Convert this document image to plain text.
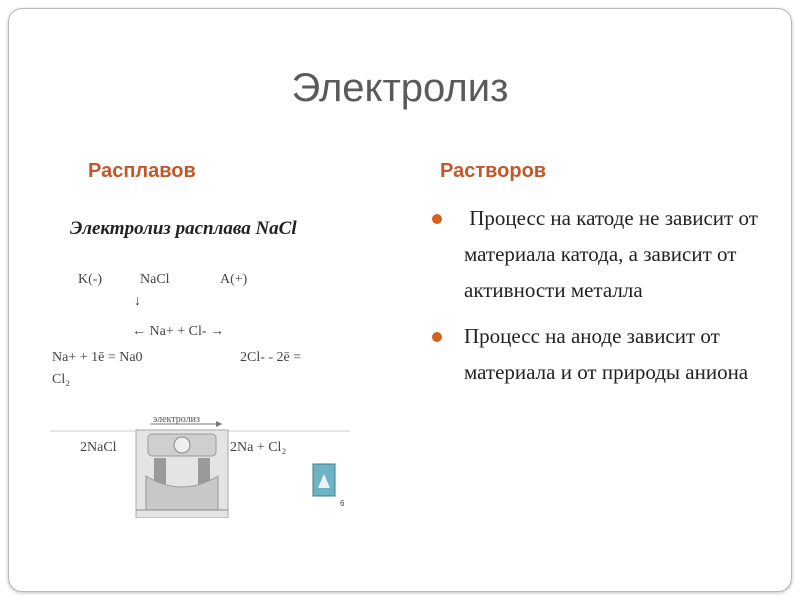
Электролиз
Расплавов	Растворов
Электролиз расплава NaCl
K(-)	NaCl	A(+)
↓
← Na+ + Cl- →
Na+ + 1ē = Na0
Cl₂
2Cl- - 2ē =
2NaCl	2Na + Cl₂
электролиз
6
Процесс на катоде не зависит от материала катода, а зависит от активности металла
Процесс на аноде зависит от материала и от природы аниона
